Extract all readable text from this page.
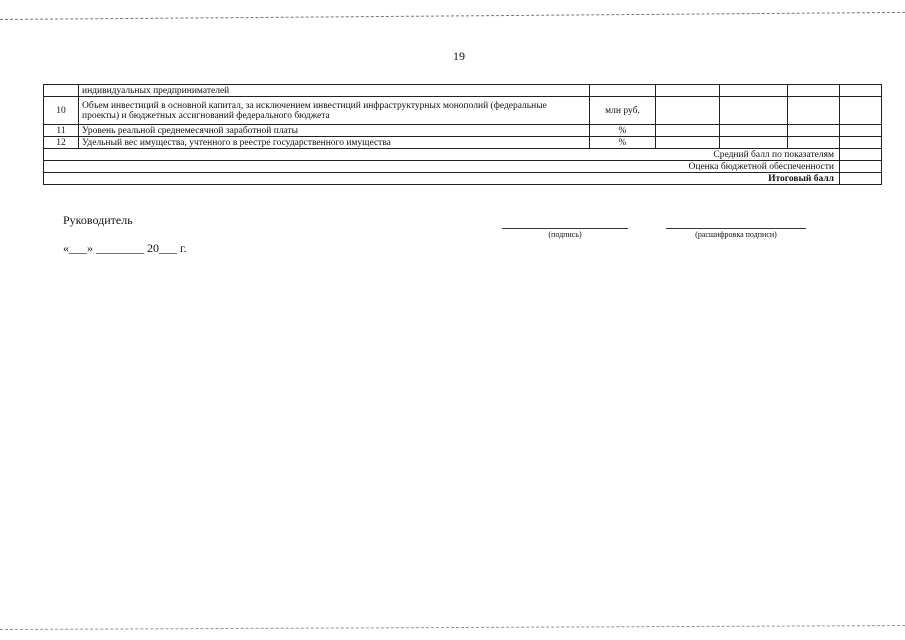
19
	индивидуальных предпринимателей					
10	Объем инвестиций в основной капитал, за исключением инвестиций инфраструктурных монополий (федеральные проекты) и бюджетных ассигнований федерального бюджета	млн руб.				
11	Уровень реальной среднемесячной заработной платы	%				
12	Удельный вес имущества, учтенного в реестре государственного имущества	%				
Средний балл по показателям						
Оценка бюджетной обеспеченности						
Итоговый балл						
Руководитель
(подпись)	(расшифровка подписи)
«___» ________ 20___ г.
